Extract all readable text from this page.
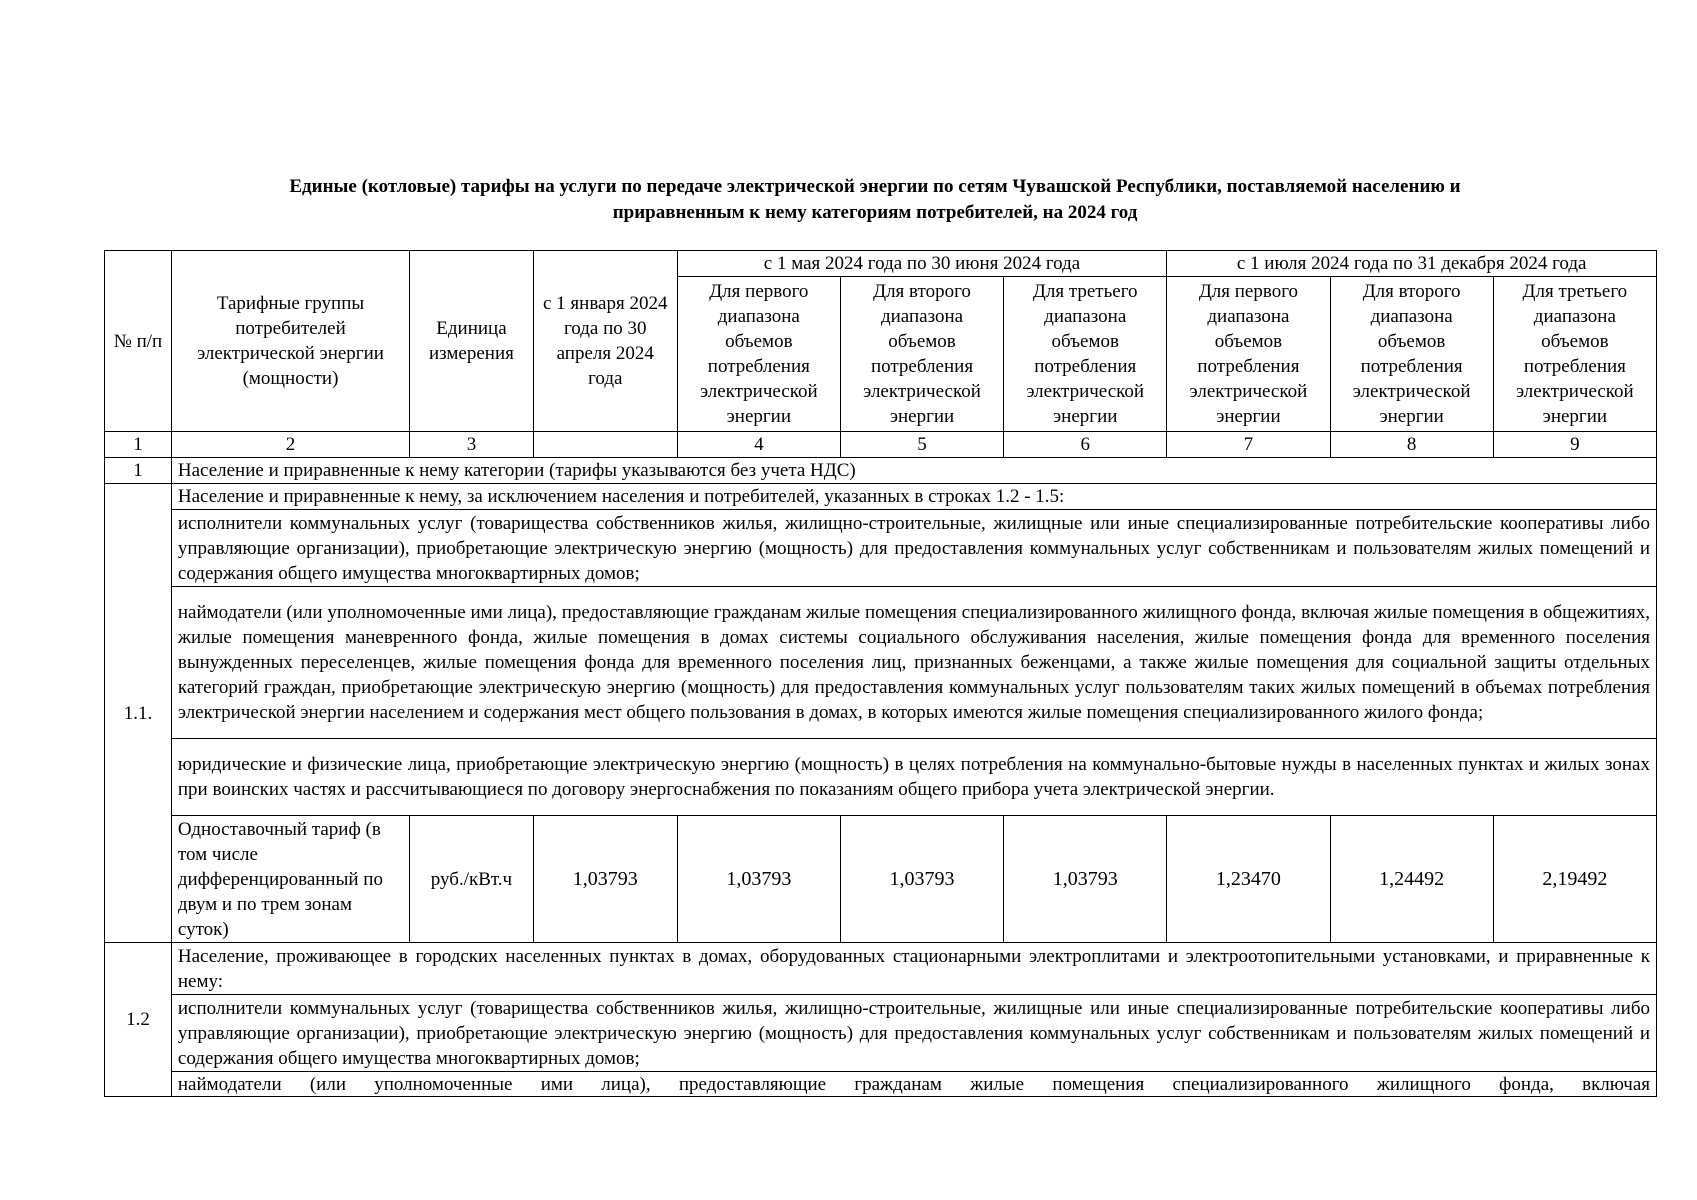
Единые (котловые) тарифы на услуги по передаче электрической энергии по сетям Чувашской Республики, поставляемой населению и
приравненным к нему категориям потребителей, на 2024 год
№ п/п	Тарифные группы потребителей электрической энергии (мощности)	Единица измерения	с 1 января 2024 года по 30 апреля 2024 года	с 1 мая 2024 года по 30 июня 2024 года			с 1 июля 2024 года по 31 декабря 2024 года		
				Для первого диапазона объемов потребления электрической энергии	Для второго диапазона объемов потребления электрической энергии	Для третьего диапазона объемов потребления электрической энергии	Для первого диапазона объемов потребления электрической энергии	Для второго диапазона объемов потребления электрической энергии	Для третьего диапазона объемов потребления электрической энергии
1	2	3		4	5	6	7	8	9
1	Население и приравненные к нему категории (тарифы указываются без учета НДС)								
1.1.	Население и приравненные к нему, за исключением населения и потребителей, указанных в строках 1.2 - 1.5:								
	исполнители коммунальных услуг (товарищества собственников жилья, жилищно-строительные, жилищные или иные специализированные потребительские кооперативы либо управляющие организации), приобретающие электрическую энергию (мощность) для предоставления коммунальных услуг собственникам и пользователям жилых помещений и содержания общего имущества многоквартирных домов;								
	наймодатели (или уполномоченные ими лица), предоставляющие гражданам жилые помещения специализированного жилищного фонда, включая жилые помещения в общежитиях, жилые помещения маневренного фонда, жилые помещения в домах системы социального обслуживания населения, жилые помещения фонда для временного поселения вынужденных переселенцев, жилые помещения фонда для временного поселения лиц, признанных беженцами, а также жилые помещения для социальной защиты отдельных категорий граждан, приобретающие электрическую энергию (мощность) для предоставления коммунальных услуг пользователям таких жилых помещений в объемах потребления электрической энергии населением и содержания мест общего пользования в домах, в которых имеются жилые помещения специализированного жилого фонда;								
	юридические и физические лица, приобретающие электрическую энергию (мощность) в целях потребления на коммунально-бытовые нужды в населенных пунктах и жилых зонах при воинских частях и рассчитывающиеся по договору энергоснабжения по показаниям общего прибора учета электрической энергии.								
	Одноставочный тариф (в том числе дифференцированный по двум и по трем зонам суток)	руб./кВт.ч	1,03793	1,03793	1,03793	1,03793	1,23470	1,24492	2,19492
1.2	Население, проживающее в городских населенных пунктах в домах, оборудованных стационарными электроплитами и электроотопительными установками, и приравненные к нему:								
	исполнители коммунальных услуг (товарищества собственников жилья, жилищно-строительные, жилищные или иные специализированные потребительские кооперативы либо управляющие организации), приобретающие электрическую энергию (мощность) для предоставления коммунальных услуг собственникам и пользователям жилых помещений и содержания общего имущества многоквартирных домов;								

	наймодатели (или уполномоченные ими лица), предоставляющие гражданам жилые помещения специализированного жилищного фонда, включая								
